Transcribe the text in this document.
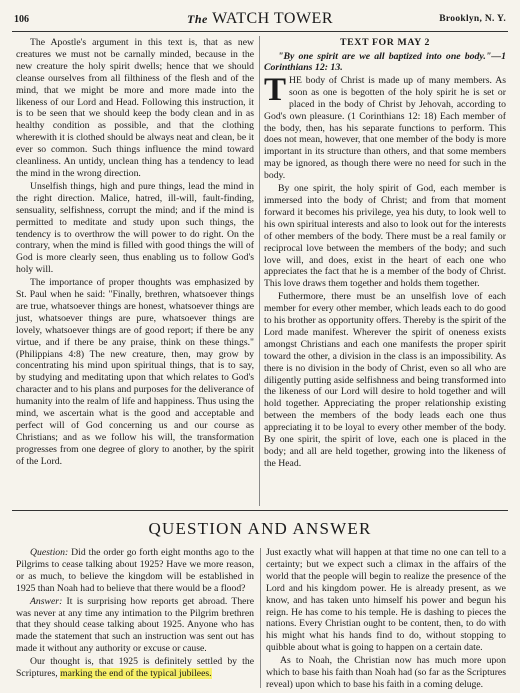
106	The WATCH TOWER	Brooklyn, N. Y.

The Apostle's argument in this text is, that as new creatures we must not be carnally minded, because in the new creature the holy spirit dwells; hence that we should cleanse ourselves from all filthiness of the flesh and of the mind, that we might be more and more made into the likeness of our Lord and Head. Following this instruction, it is to be seen that we should keep the body clean and in as healthy condition as possible, and that the clothing wherewith it is clothed should be always neat and clean, be it ever so common. Such things influence the mind toward cleanliness. An untidy, unclean thing has a tendency to lead the mind in the wrong direction.

Unselfish things, high and pure things, lead the mind in the right direction. Malice, hatred, ill-will, fault-finding, sensuality, selfishness, corrupt the mind; and if the mind is permitted to meditate and study upon such things, the tendency is to overthrow the will power to do right. On the contrary, when the mind is filled with good things the will of God is more clearly seen, thus enabling us to follow God's holy will.

The importance of proper thoughts was emphasized by St. Paul when he said: "Finally, brethren, whatsoever things are true, whatsoever things are honest, whatsoever things are just, whatsoever things are pure, whatsoever things are lovely, whatsoever things are of good report; if there be any virtue, and if there be any praise, think on these things." (Philippians 4:8) The new creature, then, may grow by concentrating his mind upon spiritual things, that is to say, by studying and meditating upon that which relates to God's character and to his plans and purposes for the deliverance of humanity into the realm of life and happiness. Thus using the mind, we ascertain what is the good and acceptable and perfect will of God concerning us and our course as Christians; and as we follow his will, the transformation progresses from one degree of glory to another, by the spirit of the Lord.

TEXT FOR MAY 2

"By one spirit are we all baptized into one body."—1 Corinthians 12: 13.

THE body of Christ is made up of many members. As soon as one is begotten of the holy spirit he is set or placed in the body of Christ by Jehovah, according to God's own pleasure. (1 Corinthians 12: 18) Each member of the body, then, has his separate functions to perform. This does not mean, however, that one member of the body is more important in its structure than others, and that some members may be ignored, as though there were no need for such in the body.

By one spirit, the holy spirit of God, each member is immersed into the body of Christ; and from that moment forward it becomes his privilege, yea his duty, to look well to his own spiritual interests and also to look out for the interests of other members of the body. There must be a real family or reciprocal love between the members of the body; and such love will, and does, exist in the heart of each one who appreciates the fact that he is a member of the body of Christ. This love draws them together and holds them together.

Futhermore, there must be an unselfish love of each member for every other member, which leads each to do good to his brother as opportunity offers. Thereby is the spirit of the Lord made manifest. Wherever the spirit of oneness exists amongst Christians and each one manifests the proper spirit toward the other, a division in the class is an impossibility. As there is no division in the body of Christ, even so all who are diligently putting aside selfishness and being transformed into the likeness of our Lord will desire to hold together and will hold together. Appreciating the proper relationship existing between the members of the body leads each one thus appreciating it to be loyal to every other member of the body. By one spirit, the spirit of love, each one is placed in the body; and all are held together, growing into the likeness of the Head.

QUESTION AND ANSWER

Question: Did the order go forth eight months ago to the Pilgrims to cease talking about 1925? Have we more reason, or as much, to believe the kingdom will be established in 1925 than Noah had to believe that there would be a flood?

Answer: It is surprising how reports get abroad. There was never at any time any intimation to the Pilgrim brethren that they should cease talking about 1925. Anyone who has made the statement that such an instruction was sent out has made it without any authority or excuse or cause.

Our thought is, that 1925 is definitely settled by the Scriptures, marking the end of the typical jubilees.

Just exactly what will happen at that time no one can tell to a certainty; but we expect such a climax in the affairs of the world that the people will begin to realize the presence of the Lord and his kingdom power. He is already present, as we know, and has taken unto himself his power and begun his reign. He has come to his temple. He is dashing to pieces the nations. Every Christian ought to be content, then, to do with his might what his hands find to do, without stopping to quibble about what is going to happen on a certain date.

As to Noah, the Christian now has much more upon which to base his faith than Noah had (so far as the Scriptures reveal) upon which to base his faith in a coming deluge.
